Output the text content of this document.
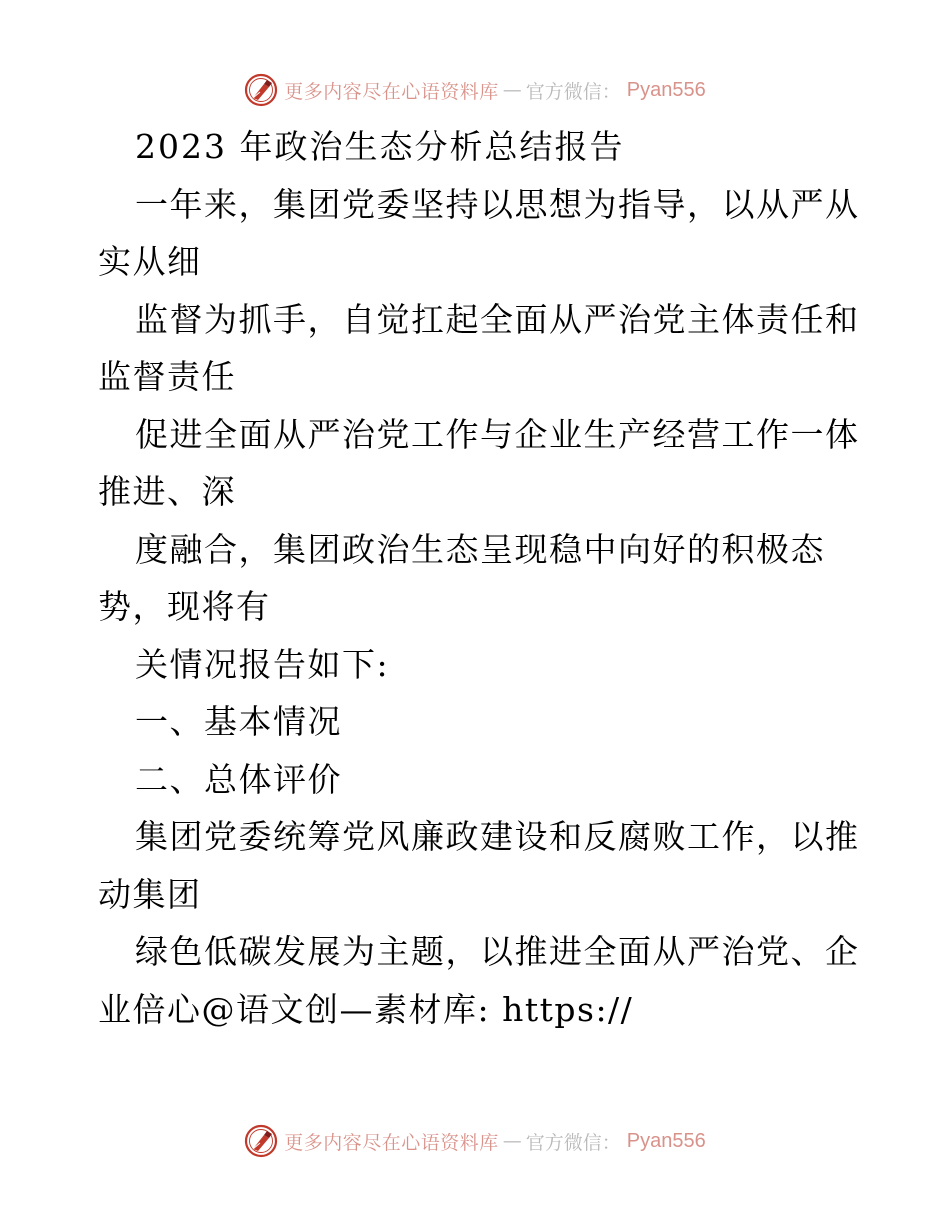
更多内容尽在心语资料库 — 官方微信： Pyan556
2023 年政治生态分析总结报告
一年来，集团党委坚持以思想为指导，以从严从
实从细
监督为抓手，自觉扛起全面从严治党主体责任和
监督责任
促进全面从严治党工作与企业生产经营工作一体
推进、深
度融合，集团政治生态呈现稳中向好的积极态
势，现将有
关情况报告如下:
一、基本情况
二、总体评价
集团党委统筹党风廉政建设和反腐败工作，以推
动集团
绿色低碳发展为主题，以推进全面从严治党、企
业倍心@语文创—素材库: https://
更多内容尽在心语资料库 — 官方微信： Pyan556
